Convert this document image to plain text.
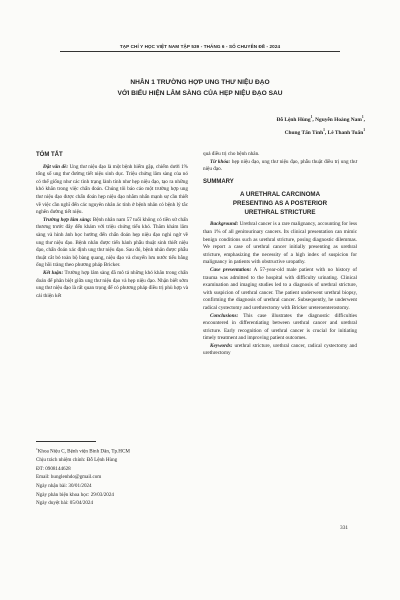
TẠP CHÍ Y HỌC VIỆT NAM TẬP 539 - THÁNG 6 - SỐ CHUYÊN ĐỀ - 2024
NHÂN 1 TRƯỜNG HỢP UNG THƯ NIỆU ĐẠO
VỚI BIỂU HIỆN LÂM SÀNG CỦA HẸP NIỆU ĐẠO SAU
Đỗ Lệnh Hùng$^1$, Nguyễn Hoàng Nam$^1$,
Chung Tấn Tính$^1$, Lê Thanh Tuấn$^1$
TÓM TẮT

Đặt vấn đề: Ung thư niệu đạo là một bệnh hiếm gặp, chiếm dưới 1% tổng số ung thư đường tiết niệu sinh dục. Triệu chứng lâm sàng của nó có thể giống như các tình trạng lành tính như hẹp niệu đạo, tạo ra những khó khăn trong việc chẩn đoán. Chúng tôi báo cáo một trường hợp ung thư niệu đạo được chẩn đoán hẹp niệu đạo nhằm nhấn mạnh sự cần thiết về việc cần nghĩ đến các nguyên nhân ác tính ở bệnh nhân có bệnh lý tắc nghẽn đường tiết niệu.

Trường hợp lâm sàng: Bệnh nhân nam 57 tuổi không có tiền sử chấn thương trước đây đến khám với triệu chứng tiểu khó. Thăm khám lâm sàng và hình ảnh học hướng đến chẩn đoán hẹp niệu đạo nghi ngờ về ung thư niệu đạo. Bệnh nhân được tiến hành phẫu thuật sinh thiết niệu đạo, chẩn đoán xác định ung thư niệu đạo. Sau đó, bệnh nhân được phẫu thuật cắt bỏ toàn bộ bàng quang, niệu đạo và chuyển lưu nước tiểu bằng ống hồi tràng theo phương pháp Bricker.

Kết luận: Trường hợp lâm sàng đã mô tả những khó khăn trong chẩn đoán để phân biệt giữa ung thư niệu đạo và hẹp niệu đạo. Nhận biết sớm ung thư niệu đạo là rất quan trọng để có phương pháp điều trị phù hợp và cải thiện kết

$^1$Khoa Niệu C, Bệnh viện Bình Dân, Tp.HCM
Chịu trách nhiệm chính: Đỗ Lệnh Hùng
ĐT: 0908144628
Email: hunglenhdo@gmail.com
Ngày nhận bài: 30/01/2024
Ngày phản biện khoa học: 29/03/2024
Ngày duyệt bài: 05/04/2024

quả điều trị cho bệnh nhân.

Từ khóa: hẹp niệu đạo, ung thư niệu đạo, phẫu thuật điều trị ung thư niệu đạo.

SUMMARY
A URETHRAL CARCINOMA
PRESENTING AS A POSTERIOR
URETHRAL STRICTURE

Background: Urethral cancer is a rare malignancy, accounting for less than 1% of all genitourinary cancers. Its clinical presentation can mimic benign conditions such as urethral stricture, posing diagnostic dilemmas. We report a case of urethral cancer initially presenting as urethral stricture, emphasizing the necessity of a high index of suspicion for malignancy in patients with obstructive uropathy.

Case presentation: A 57-year-old male patient with no history of trauma was admitted to the hospital with difficulty urinating. Clinical examination and imaging studies led to a diagnosis of urethral stricture, with suspicion of urethral cancer. The patient underwent urethral biopsy, confirming the diagnosis of urethral cancer. Subsequently, he underwent radical cystectomy and urethrectomy with Bricker ureteroenterostomy.

Conclusions: This case illustrates the diagnostic difficulties encountered in differentiating between urethral cancer and urethral stricture. Early recognition of urethral cancer is crucial for initiating timely treatment and improving patient outcomes.

Keywords: urethral stricture, urethral cancer, radical cystectomy and urethrectomy

331
